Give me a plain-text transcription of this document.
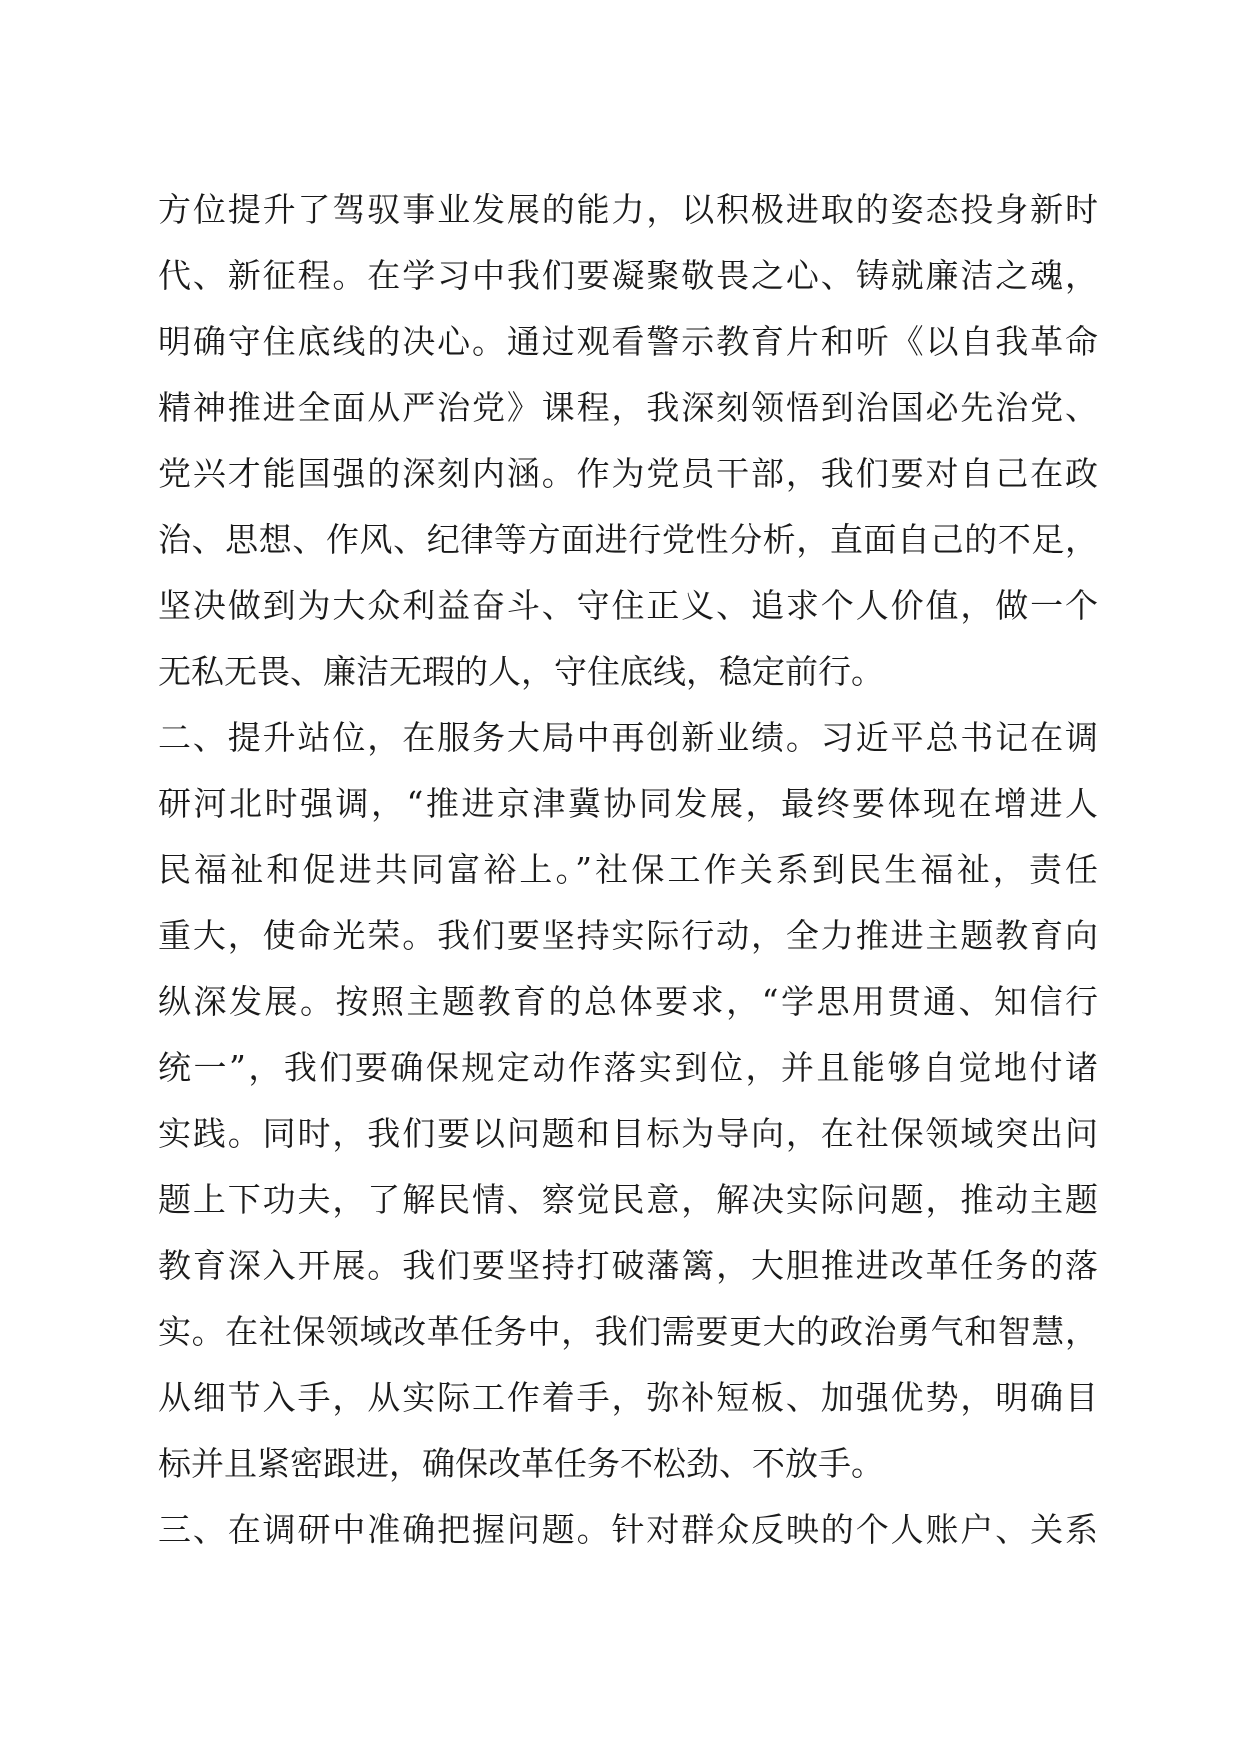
方位提升了驾驭事业发展的能力，以积极进取的姿态投身新时
代、新征程。在学习中我们要凝聚敬畏之心、铸就廉洁之魂，
明确守住底线的决心。通过观看警示教育片和听《以自我革命
精神推进全面从严治党》课程，我深刻领悟到治国必先治党、
党兴才能国强的深刻内涵。作为党员干部，我们要对自己在政
治、思想、作风、纪律等方面进行党性分析，直面自己的不足，
坚决做到为大众利益奋斗、守住正义、追求个人价值，做一个
无私无畏、廉洁无瑕的人，守住底线，稳定前行。
二、提升站位，在服务大局中再创新业绩。习近平总书记在调
研河北时强调，“推进京津冀协同发展，最终要体现在增进人
民福祉和促进共同富裕上。”社保工作关系到民生福祉，责任
重大，使命光荣。我们要坚持实际行动，全力推进主题教育向
纵深发展。按照主题教育的总体要求，“学思用贯通、知信行
统一”，我们要确保规定动作落实到位，并且能够自觉地付诸
实践。同时，我们要以问题和目标为导向，在社保领域突出问
题上下功夫，了解民情、察觉民意，解决实际问题，推动主题
教育深入开展。我们要坚持打破藩篱，大胆推进改革任务的落
实。在社保领域改革任务中，我们需要更大的政治勇气和智慧，
从细节入手，从实际工作着手，弥补短板、加强优势，明确目
标并且紧密跟进，确保改革任务不松劲、不放手。
三、在调研中准确把握问题。针对群众反映的个人账户、关系
